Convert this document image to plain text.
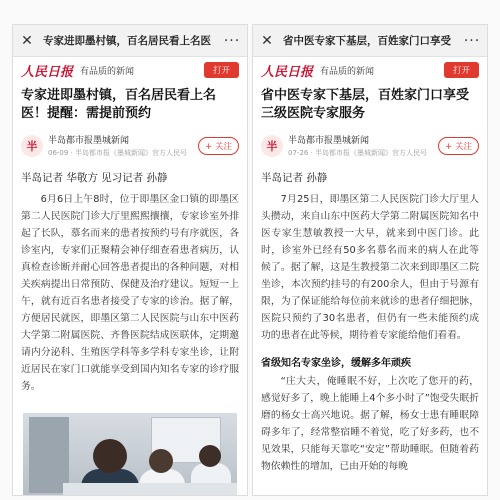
✕ 专家进即墨村镇，百名居民看上名医 ···
人民日报 有品质的新闻	打开
专家进即墨村镇，百名居民看上名医！提醒：需提前预约
半	半岛都市报墨城新闻
06-09 · 半岛都市报《墨城新闻》官方人民号
+ 关注
半岛记者 华敬方 见习记者 孙静

6月6日上午8时，位于即墨区金口镇的即墨区第二人民医院门诊大厅里熙熙攘攘，专家诊室外排起了长队，慕名而来的患者按预约号有序就医，各诊室内，专家们正聚精会神仔细查看患者病历，认真检查诊断并耐心回答患者提出的各种问题，对相关疾病提出日常预防、保健及治疗建议。短短一上午，就有近百名患者接受了专家的诊治。据了解，方便居民就医，即墨区第二人民医院与山东中医药大学第二附属医院、齐鲁医院结成医联体，定期邀请内分泌科、生殖医学科等多学科专家坐诊，让附近居民在家门口就能享受到国内知名专家的诊疗服务。

✕ 省中医专家下基层，百姓家门口享受 ···
人民日报 有品质的新闻	打开
省中医专家下基层，百姓家门口享受三级医院专家服务
半	半岛都市报墨城新闻
07-26 · 半岛都市报《墨城新闻》官方人民号
+ 关注
半岛记者 孙静

7月25日，即墨区第二人民医院门诊大厅里人头攒动，来自山东中医药大学第二附属医院知名中医专家生慧敏教授一大早，就来到中医门诊。此时，诊室外已经有50多名慕名而来的病人在此等候了。据了解，这是生教授第二次来到即墨区二院坐诊，本次预约挂号的有200余人，但由于号源有限，为了保证能给每位前来就诊的患者仔细把脉，医院只预约了30名患者，但仍有一些未能预约成功的患者在此等候，期待着专家能给他们看看。

省级知名专家坐诊，缓解多年顽疾

“庄大夫，俺睡眠不好，上次吃了您开的药，感觉好多了，晚上能睡上4个多小时了”饱受失眠折磨的杨女士高兴地说。据了解，杨女士患有睡眠障碍多年了，经常整宿睡不着觉，吃了好多药，也不见效果，只能每天靠吃“安定”帮助睡眠。但随着药物依赖性的增加，已由开始的每晚
